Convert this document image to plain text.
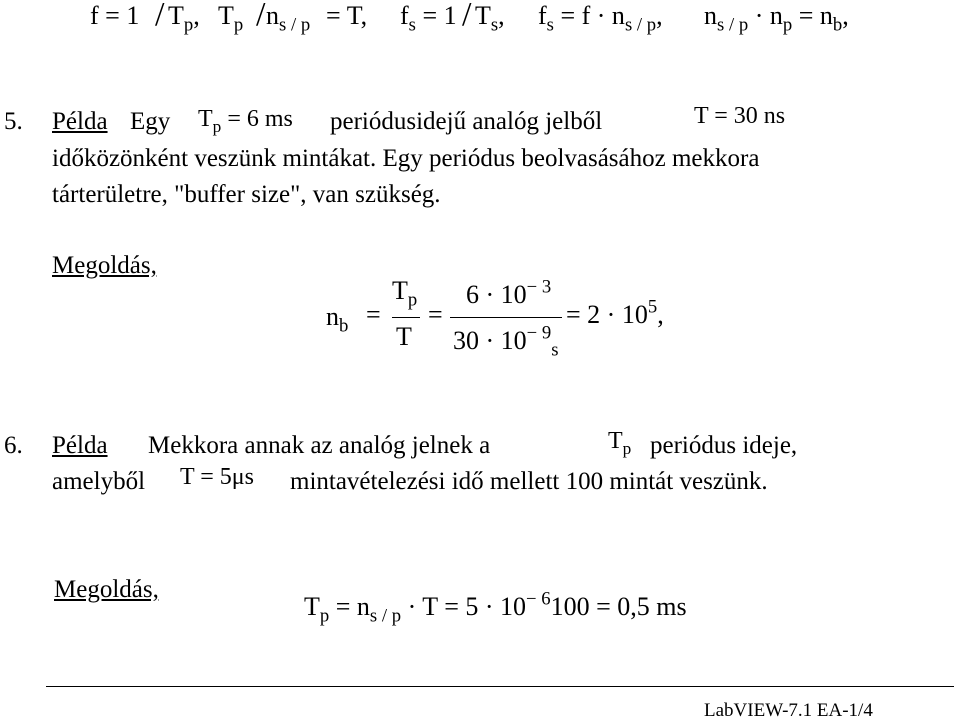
$f = 1 / T_p$, $T_p / n_{s / p} = T$, $f_s = 1 / T_s$, $f_s = f \cdot n_{s / p}$, $n_{s / p} \cdot n_p = n_b$,
5. Példa Egy $T_p = 6$ ms periódusidejű analóg jelből	T = 30 ns
időközönként veszünk mintákat. Egy periódus beolvasásához mekkora
tárterületre, "buffer size", van szükség.
Megoldás,
$n_b$ =
$T_p$
T
=
$6 \cdot 10^{- 3}$
$30 \cdot 10^{- 9}_s$
= $2 \cdot 10^5$,
6. Példa Mekkora annak az analóg jelnek a	$T_p$ periódus ideje,
amelyből T = 5μs mintavételezési idő mellett 100 mintát veszünk.
Megoldás,
$T_p = n_{s / p} \cdot T = 5 \cdot 10^{- 6}100 = 0,5$ ms
LabVIEW-7.1 EA-1/4
